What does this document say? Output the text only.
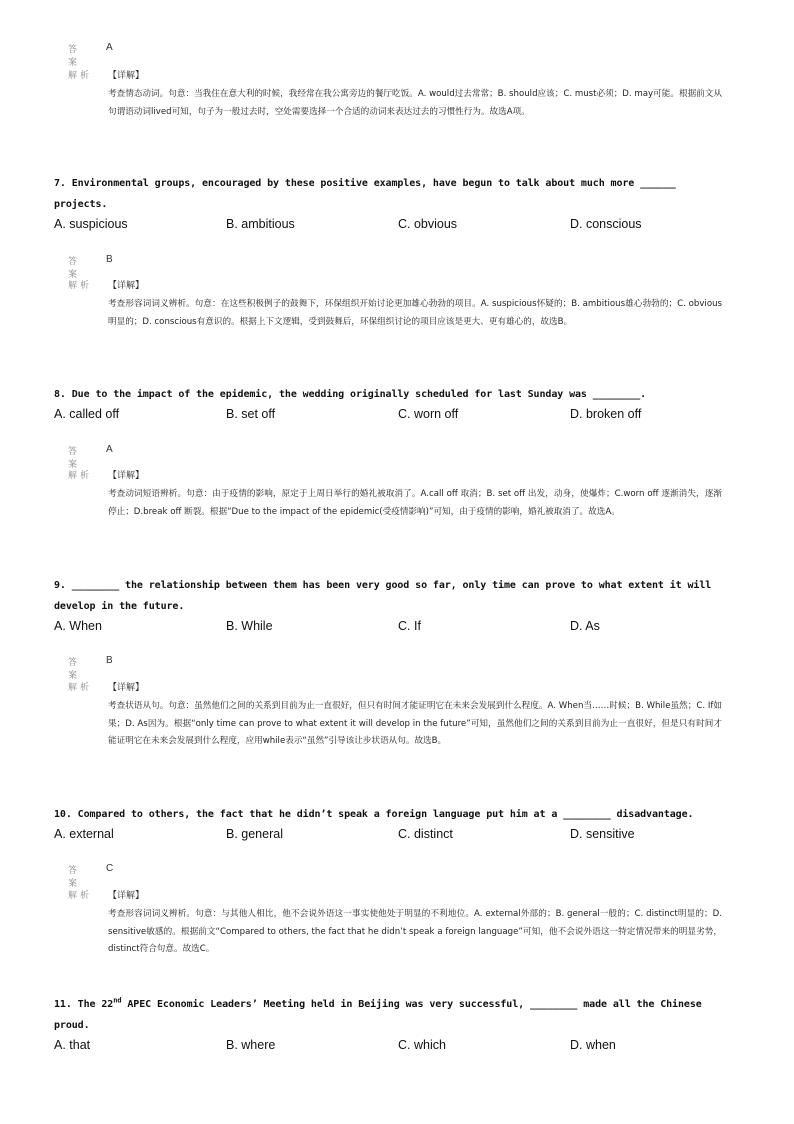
答案
A
解析 【详解】
考查情态动词。句意：当我住在意大利的时候，我经常在我公寓旁边的餐厅吃饭。A. would过去常常；B. should应该；C. must必须；D. may可能。根据前文从句谓语动词lived可知，句子为一般过去时，空处需要选择一个合适的动词来表达过去的习惯性行为。故选A项。
7. Environmental groups, encouraged by these positive examples, have begun to talk about much more ______ projects.
A. suspicious	B. ambitious	C. obvious	D. conscious
答案
B
解析 【详解】
考查形容词词义辨析。句意：在这些积极例子的鼓舞下，环保组织开始讨论更加雄心勃勃的项目。A. suspicious怀疑的；B. ambitious雄心勃勃的；C. obvious明显的；D. conscious有意识的。根据上下文逻辑，受到鼓舞后，环保组织讨论的项目应该是更大、更有雄心的，故选B。
8. Due to the impact of the epidemic, the wedding originally scheduled for last Sunday was ________.
A. called off	B. set off	C. worn off	D. broken off
答案
A
解析 【详解】
考查动词短语辨析。句意：由于疫情的影响，原定于上周日举行的婚礼被取消了。A.call off 取消；B. set off 出发，动身，使爆炸；C.worn off 逐渐消失，逐渐停止；D.break off 断裂。根据“Due to the impact of the epidemic(受疫情影响)”可知，由于疫情的影响，婚礼被取消了。故选A。
9. ________ the relationship between them has been very good so far, only time can prove to what extent it will develop in the future.
A. When	B. While	C. If	D. As
答案
B
解析 【详解】
考查状语从句。句意：虽然他们之间的关系到目前为止一直很好，但只有时间才能证明它在未来会发展到什么程度。A. When当……时候；B. While虽然；C. If如果；D. As因为。根据“only time can prove to what extent it will develop in the future”可知，虽然他们之间的关系到目前为止一直很好，但是只有时间才能证明它在未来会发展到什么程度，应用while表示“虽然”引导该让步状语从句。故选B。
10. Compared to others, the fact that he didn’t speak a foreign language put him at a ________ disadvantage.
A. external	B. general	C. distinct	D. sensitive
答案
C
解析 【详解】
考查形容词词义辨析。句意：与其他人相比，他不会说外语这一事实使他处于明显的不利地位。A. external外部的；B. general一般的；C. distinct明显的；D. sensitive敏感的。根据前文“Compared to others, the fact that he didn’t speak a foreign language”可知，他不会说外语这一特定情况带来的明显劣势，distinct符合句意。故选C。
11. The 22nd APEC Economic Leaders’ Meeting held in Beijing was very successful, ________ made all the Chinese proud.
A. that	B. where	C. which	D. when
